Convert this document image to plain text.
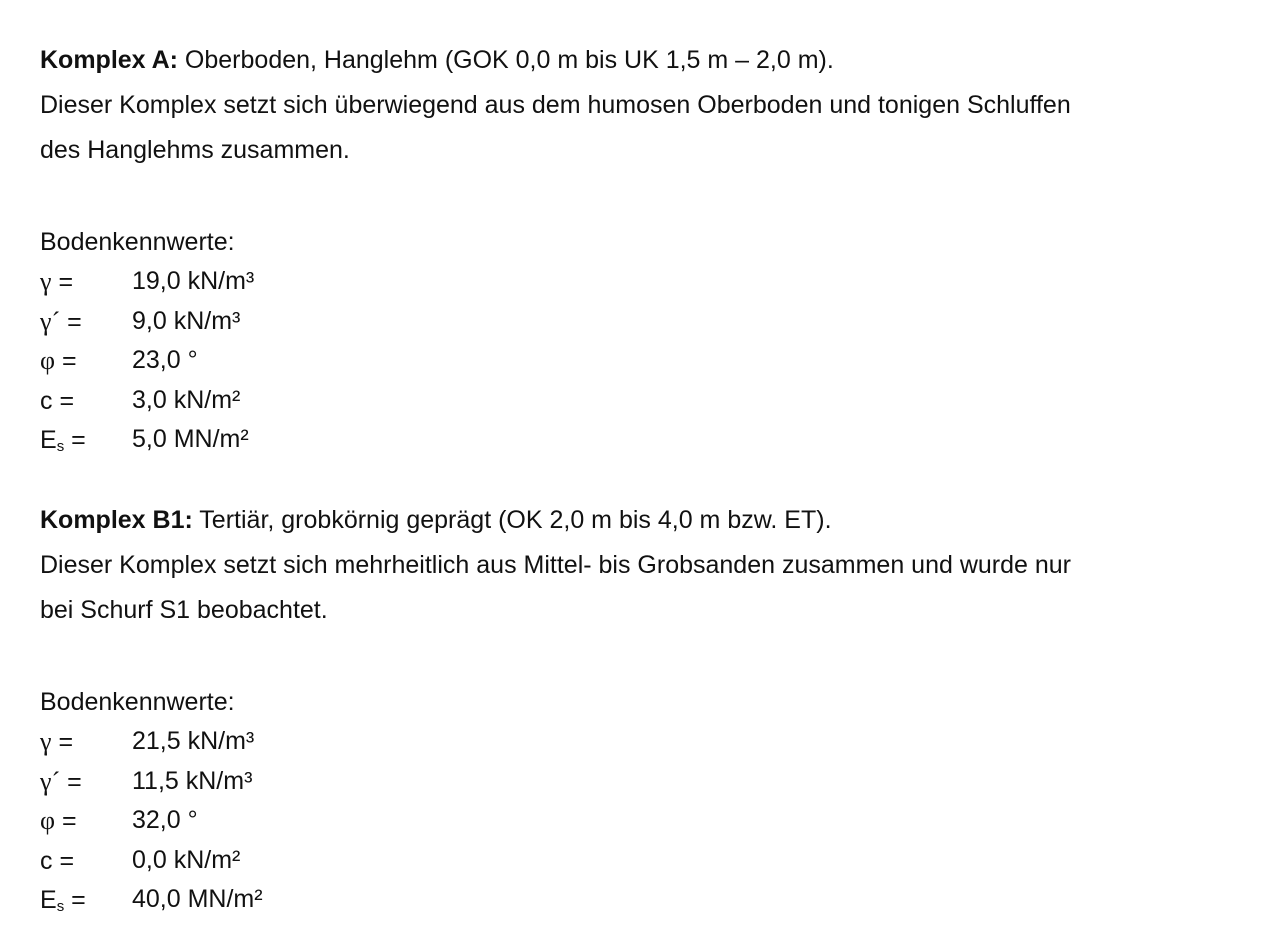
Komplex A: Oberboden, Hanglehm (GOK 0,0 m bis UK 1,5 m – 2,0 m).
Dieser Komplex setzt sich überwiegend aus dem humosen Oberboden und tonigen Schluffen
des Hanglehms zusammen.
Bodenkennwerte:
γ = 19,0 kN/m³
γ´ = 9,0 kN/m³
φ = 23,0 °
c = 3,0 kN/m²
$E_s = 5,0$ MN/m²
Komplex B1: Tertiär, grobkörnig geprägt (OK 2,0 m bis 4,0 m bzw. ET).
Dieser Komplex setzt sich mehrheitlich aus Mittel- bis Grobsanden zusammen und wurde nur
bei Schurf S1 beobachtet.
Bodenkennwerte:
γ = 21,5 kN/m³
γ´ = 11,5 kN/m³
φ = 32,0 °
c = 0,0 kN/m²
$E_s = 40,0$ MN/m²
